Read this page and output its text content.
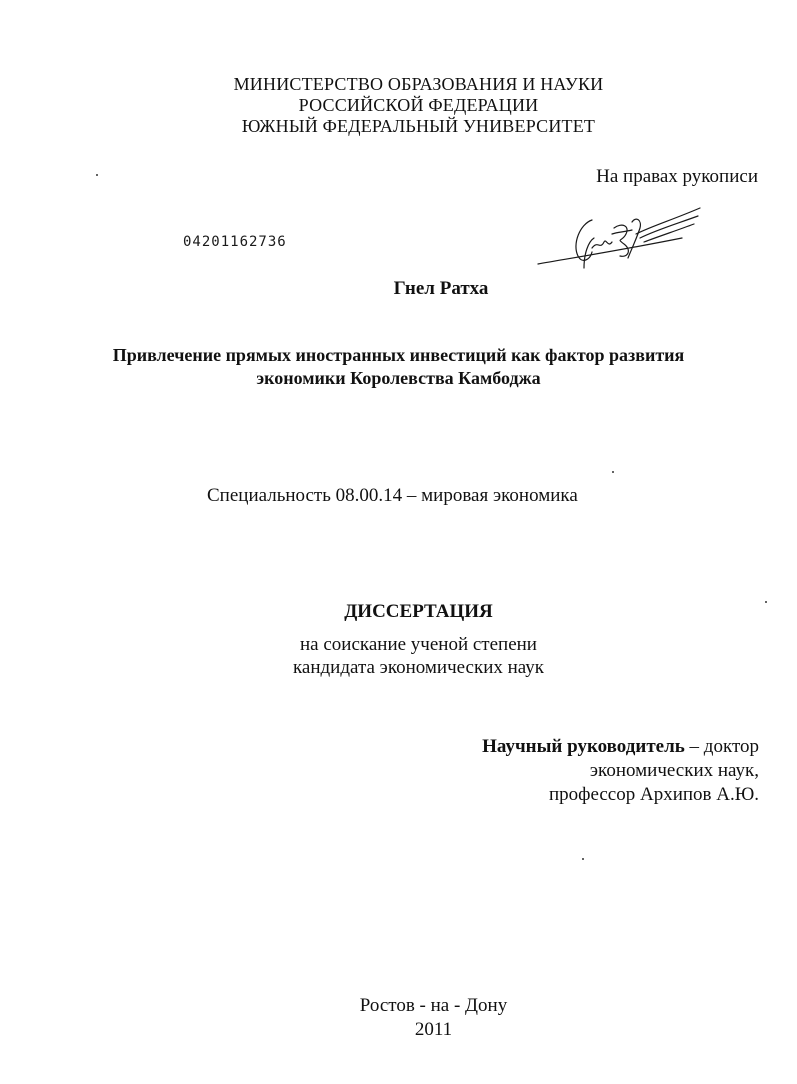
МИНИСТЕРСТВО ОБРАЗОВАНИЯ И НАУКИ
РОССИЙСКОЙ ФЕДЕРАЦИИ
ЮЖНЫЙ ФЕДЕРАЛЬНЫЙ УНИВЕРСИТЕТ
На правах рукописи
04201162736
Гнел Ратха
Привлечение прямых иностранных инвестиций как фактор развития
экономики Королевства Камбоджа
Специальность 08.00.14 – мировая экономика
ДИССЕРТАЦИЯ
на соискание ученой степени
кандидата экономических наук
Научный руководитель – доктор
экономических наук,
профессор Архипов А.Ю.
Ростов - на - Дону
2011
